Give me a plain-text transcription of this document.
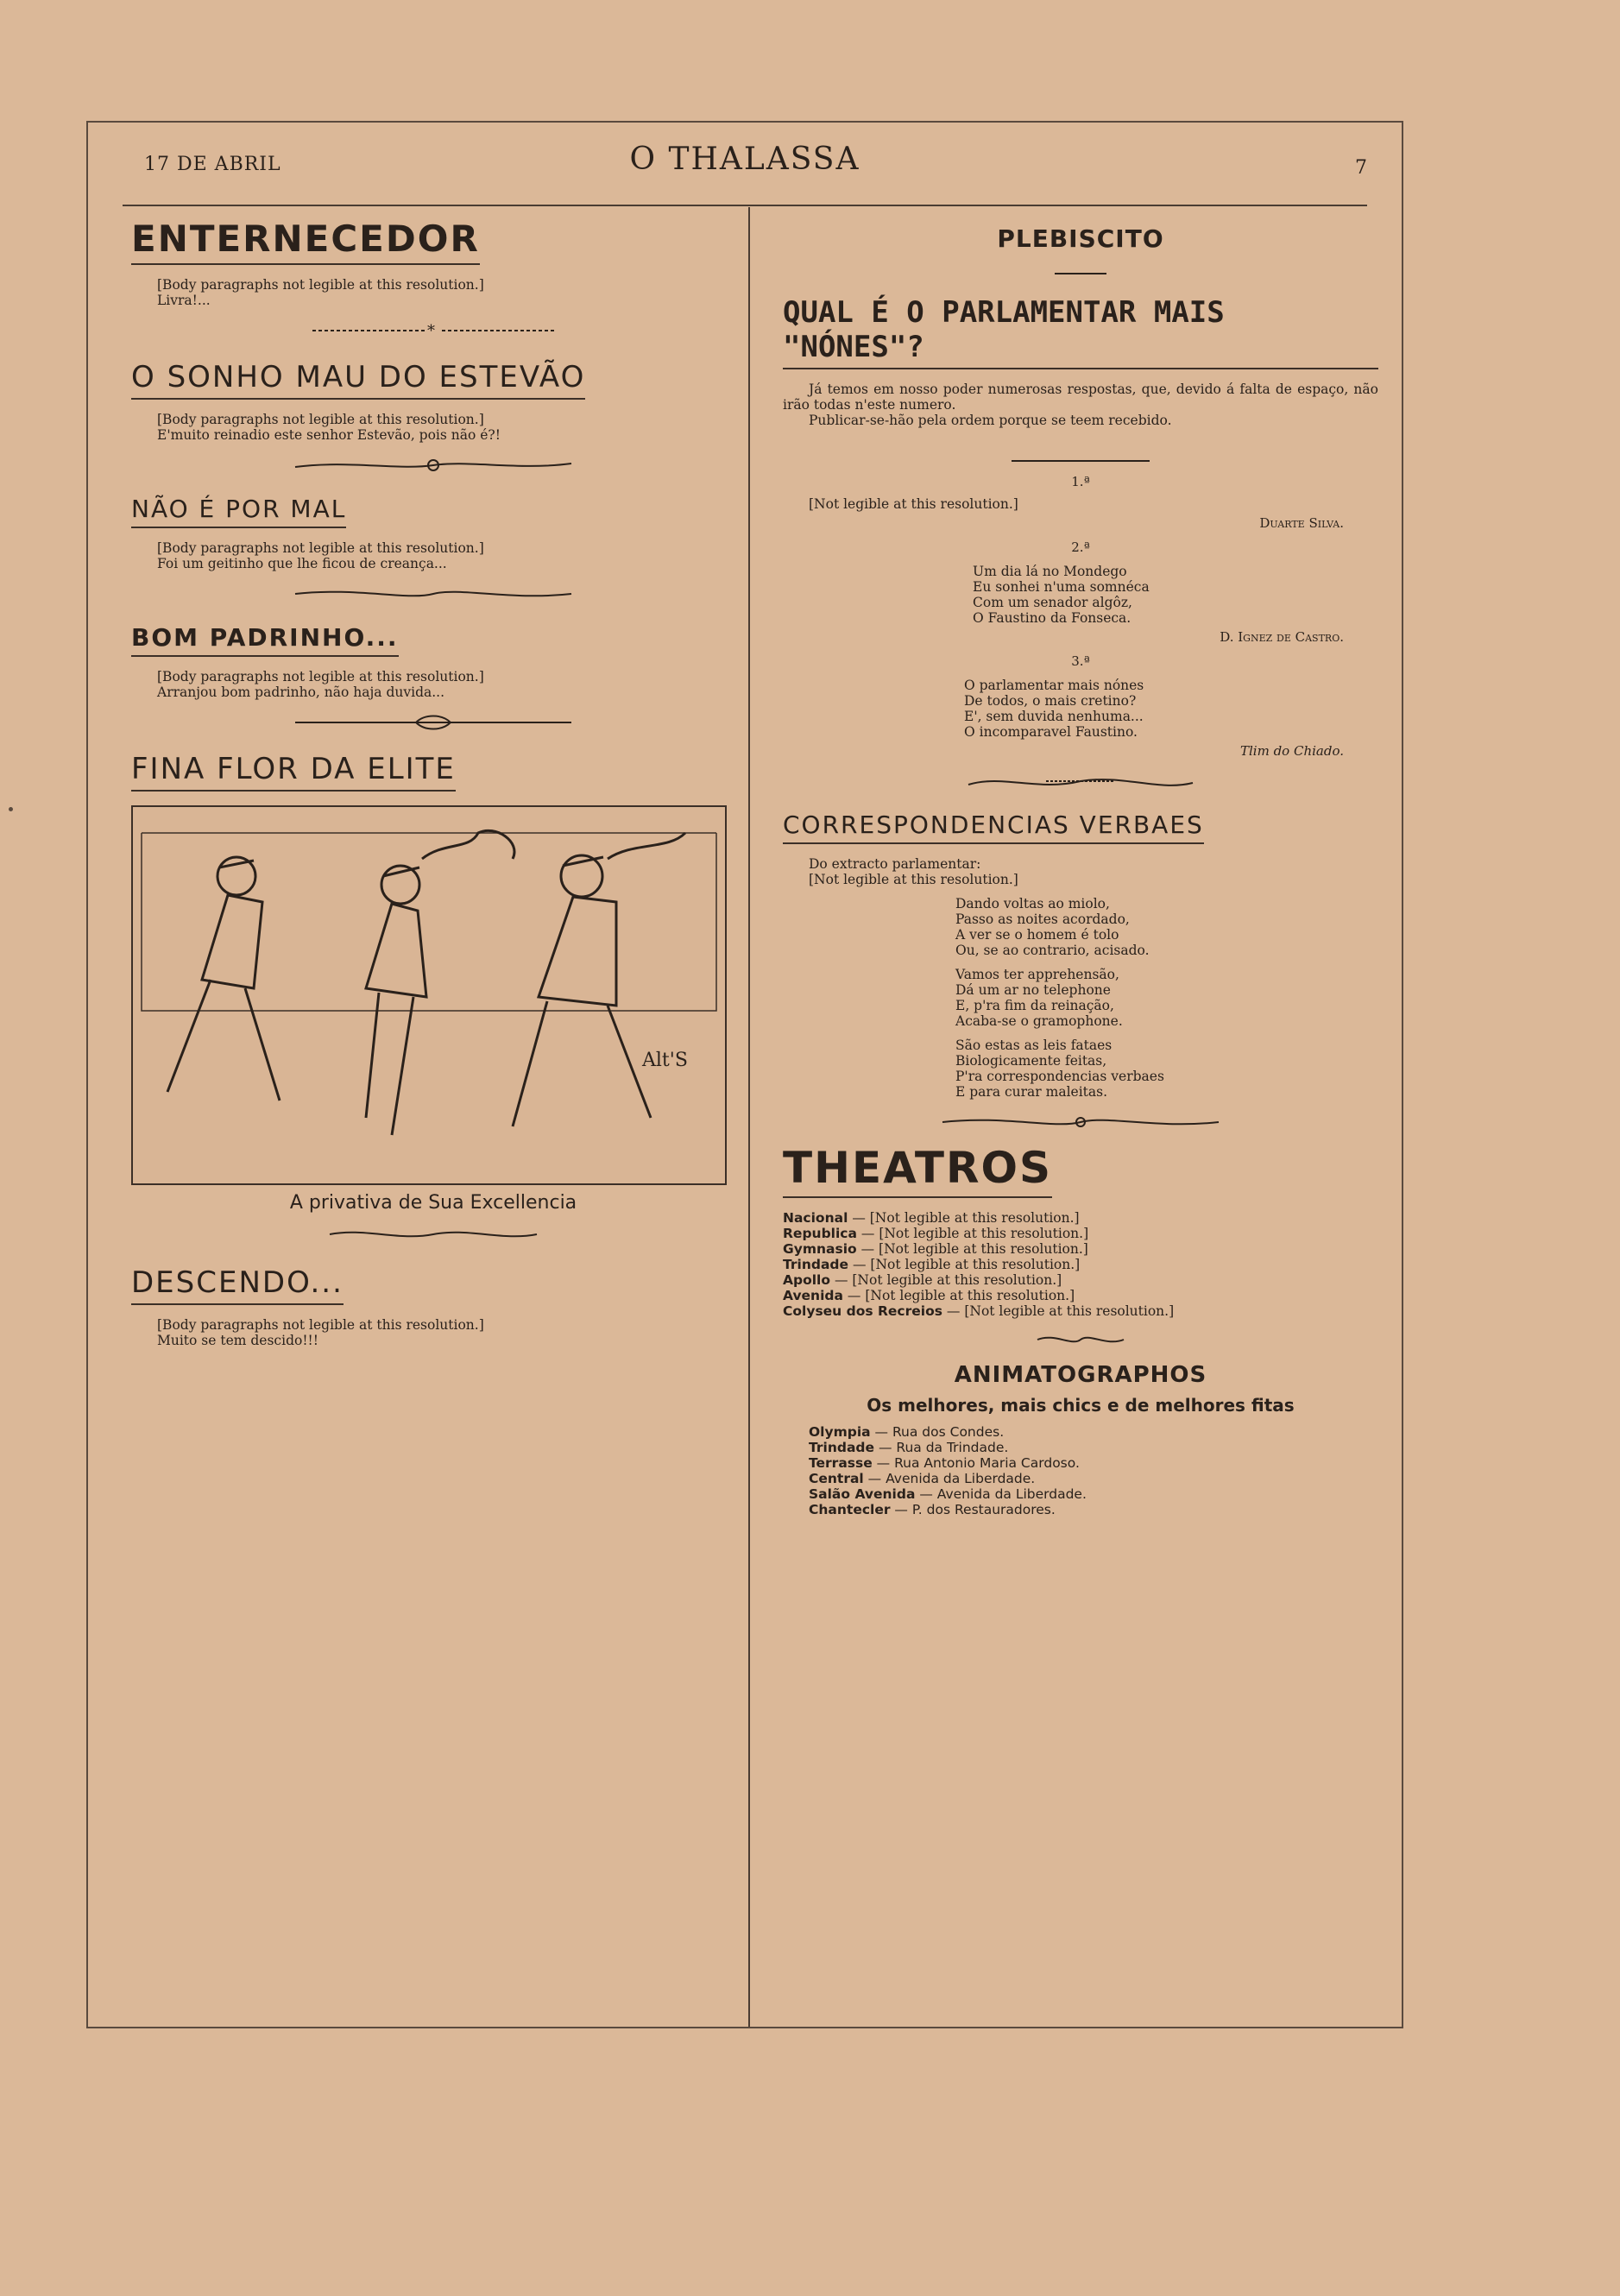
17 DE ABRIL	O THALASSA	7
ENTERNECEDOR

[Body paragraphs not legible at this resolution.]

Livra!...

*
O SONHO MAU DO ESTEVÃO

[Body paragraphs not legible at this resolution.]

E'muito reinadio este senhor Estevão, pois não é?!

NÃO É POR MAL

[Body paragraphs not legible at this resolution.]

Foi um geitinho que lhe ficou de creança...

BOM PADRINHO...

[Body paragraphs not legible at this resolution.]

Arranjou bom padrinho, não haja duvida...

FINA FLOR DA ELITE
Alt'S
A privativa de Sua Excellencia
DESCENDO...

[Body paragraphs not legible at this resolution.]

Muito se tem descido!!!

PLEBISCITO
QUAL É O PARLAMENTAR MAIS "NÓNES"?

Já temos em nosso poder numerosas respostas, que, devido á falta de espaço, não irão todas n'este numero.

Publicar-se-hão pela ordem porque se teem recebido.

1.ª

[Not legible at this resolution.]

Duarte Silva.
2.ª

Um dia lá no Mondego

Eu sonhei n'uma somnéca

Com um senador algôz,

O Faustino da Fonseca.

D. Ignez de Castro.
3.ª

O parlamentar mais nónes

De todos, o mais cretino?

E', sem duvida nenhuma...

O incomparavel Faustino.

Tlim do Chiado.
CORRESPONDENCIAS VERBAES

Do extracto parlamentar:

[Not legible at this resolution.]

Dando voltas ao miolo,

Passo as noites acordado,

A ver se o homem é tolo

Ou, se ao contrario, acisado.

Vamos ter apprehensão,

Dá um ar no telephone

E, p'ra fim da reinação,

Acaba-se o gramophone.

São estas as leis fataes

Biologicamente feitas,

P'ra correspondencias verbaes

E para curar maleitas.

THEATROS

Nacional — [Not legible at this resolution.]

Republica — [Not legible at this resolution.]

Gymnasio — [Not legible at this resolution.]

Trindade — [Not legible at this resolution.]

Apollo — [Not legible at this resolution.]

Avenida — [Not legible at this resolution.]

Colyseu dos Recreios — [Not legible at this resolution.]

ANIMATOGRAPHOS
Os melhores, mais chics e de melhores fitas

Olympia — Rua dos Condes.

Trindade — Rua da Trindade.

Terrasse — Rua Antonio Maria Cardoso.

Central — Avenida da Liberdade.

Salão Avenida — Avenida da Liberdade.

Chantecler — P. dos Restauradores.
